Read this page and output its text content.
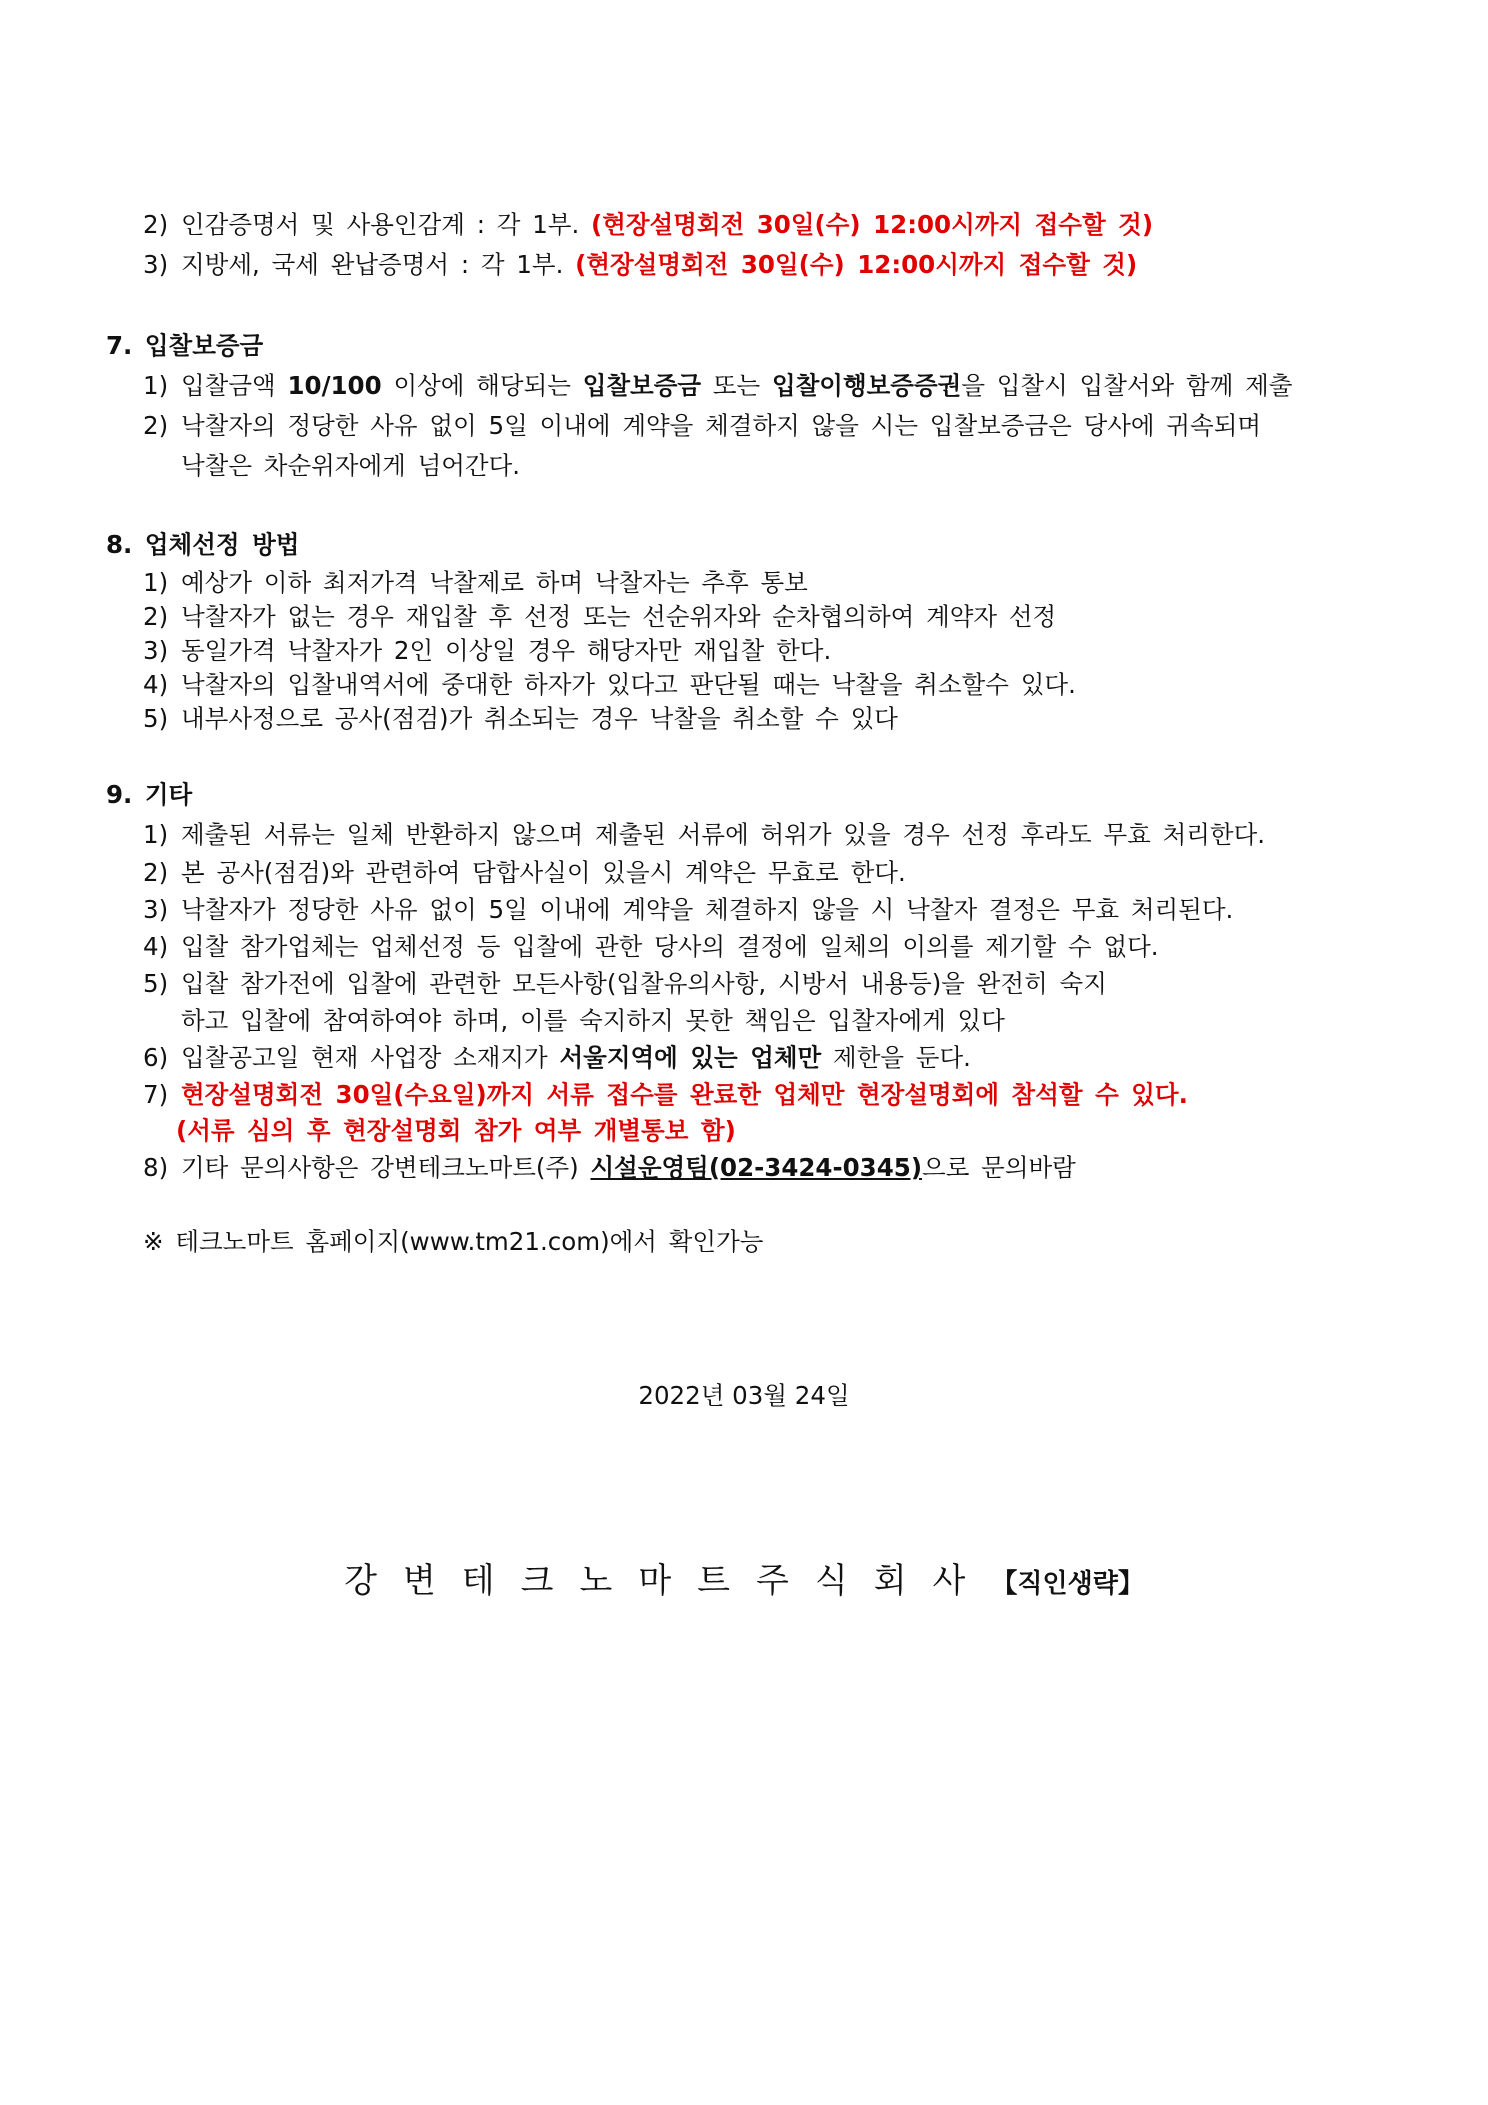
2) 인감증명서 및 사용인감계 : 각 1부. (현장설명회전 30일(수) 12:00시까지 접수할 것)
3) 지방세, 국세 완납증명서 : 각 1부. (현장설명회전 30일(수) 12:00시까지 접수할 것)
7. 입찰보증금
1) 입찰금액 10/100 이상에 해당되는 입찰보증금 또는 입찰이행보증증권을 입찰시 입찰서와 함께 제출
2) 낙찰자의 정당한 사유 없이 5일 이내에 계약을 체결하지 않을 시는 입찰보증금은 당사에 귀속되며
낙찰은 차순위자에게 넘어간다.
8. 업체선정 방법
1) 예상가 이하 최저가격 낙찰제로 하며 낙찰자는 추후 통보
2) 낙찰자가 없는 경우 재입찰 후 선정 또는 선순위자와 순차협의하여 계약자 선정
3) 동일가격 낙찰자가 2인 이상일 경우 해당자만 재입찰 한다.
4) 낙찰자의 입찰내역서에 중대한 하자가 있다고 판단될 때는 낙찰을 취소할수 있다.
5) 내부사정으로 공사(점검)가 취소되는 경우 낙찰을 취소할 수 있다
9. 기타
1) 제출된 서류는 일체 반환하지 않으며 제출된 서류에 허위가 있을 경우 선정 후라도 무효 처리한다.
2) 본 공사(점검)와 관련하여 담합사실이 있을시 계약은 무효로 한다.
3) 낙찰자가 정당한 사유 없이 5일 이내에 계약을 체결하지 않을 시 낙찰자 결정은 무효 처리된다.
4) 입찰 참가업체는 업체선정 등 입찰에 관한 당사의 결정에 일체의 이의를 제기할 수 없다.
5) 입찰 참가전에 입찰에 관련한 모든사항(입찰유의사항, 시방서 내용등)을 완전히 숙지
하고 입찰에 참여하여야 하며, 이를 숙지하지 못한 책임은 입찰자에게 있다
6) 입찰공고일 현재 사업장 소재지가 서울지역에 있는 업체만 제한을 둔다.
7) 현장설명회전 30일(수요일)까지 서류 접수를 완료한 업체만 현장설명회에 참석할 수 있다.
(서류 심의 후 현장설명회 참가 여부 개별통보 함)
8) 기타 문의사항은 강변테크노마트(주) 시설운영팀(02-3424-0345)으로 문의바람
※ 테크노마트 홈페이지(www.tm21.com)에서 확인가능
2022년 03월 24일
강변테크노마트주식회사【직인생략】
